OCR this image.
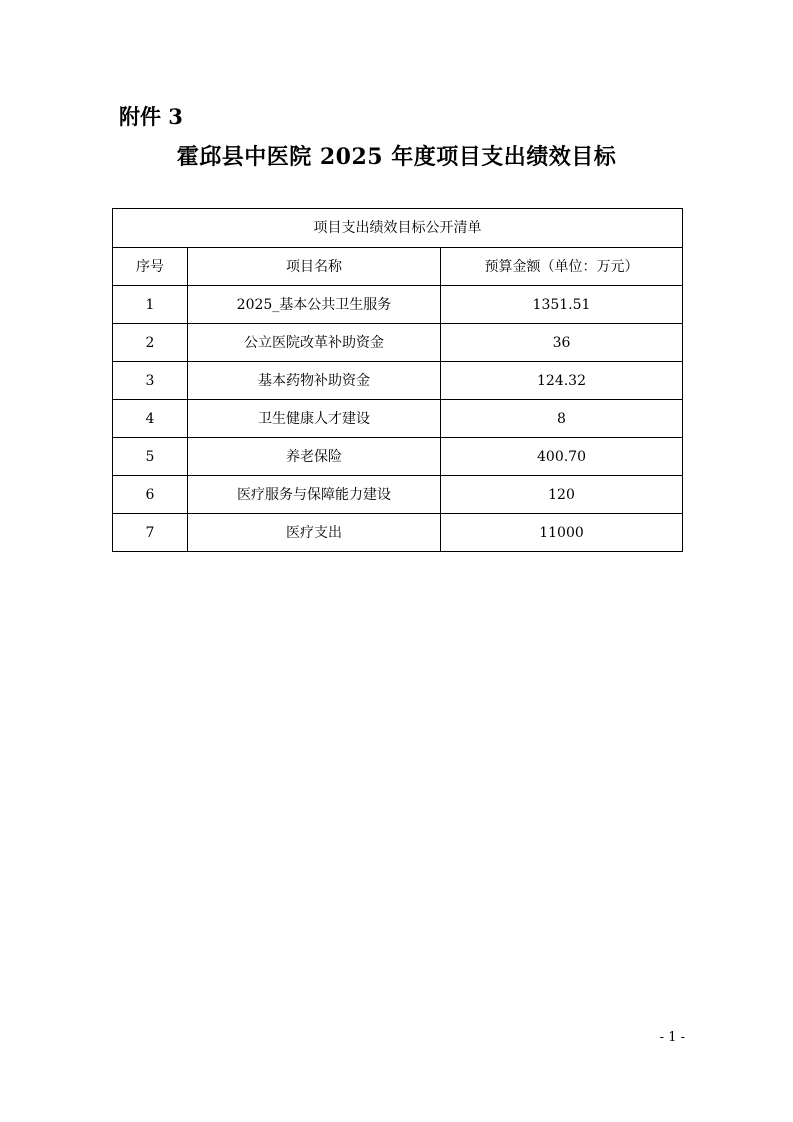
附件 3
霍邱县中医院 2025 年度项目支出绩效目标
项目支出绩效目标公开清单		
序号	项目名称	预算金额（单位：万元）
1	2025_基本公共卫生服务	1351.51
2	公立医院改革补助资金	36
3	基本药物补助资金	124.32
4	卫生健康人才建设	8
5	养老保险	400.70
6	医疗服务与保障能力建设	120
7	医疗支出	11000
- 1 -
